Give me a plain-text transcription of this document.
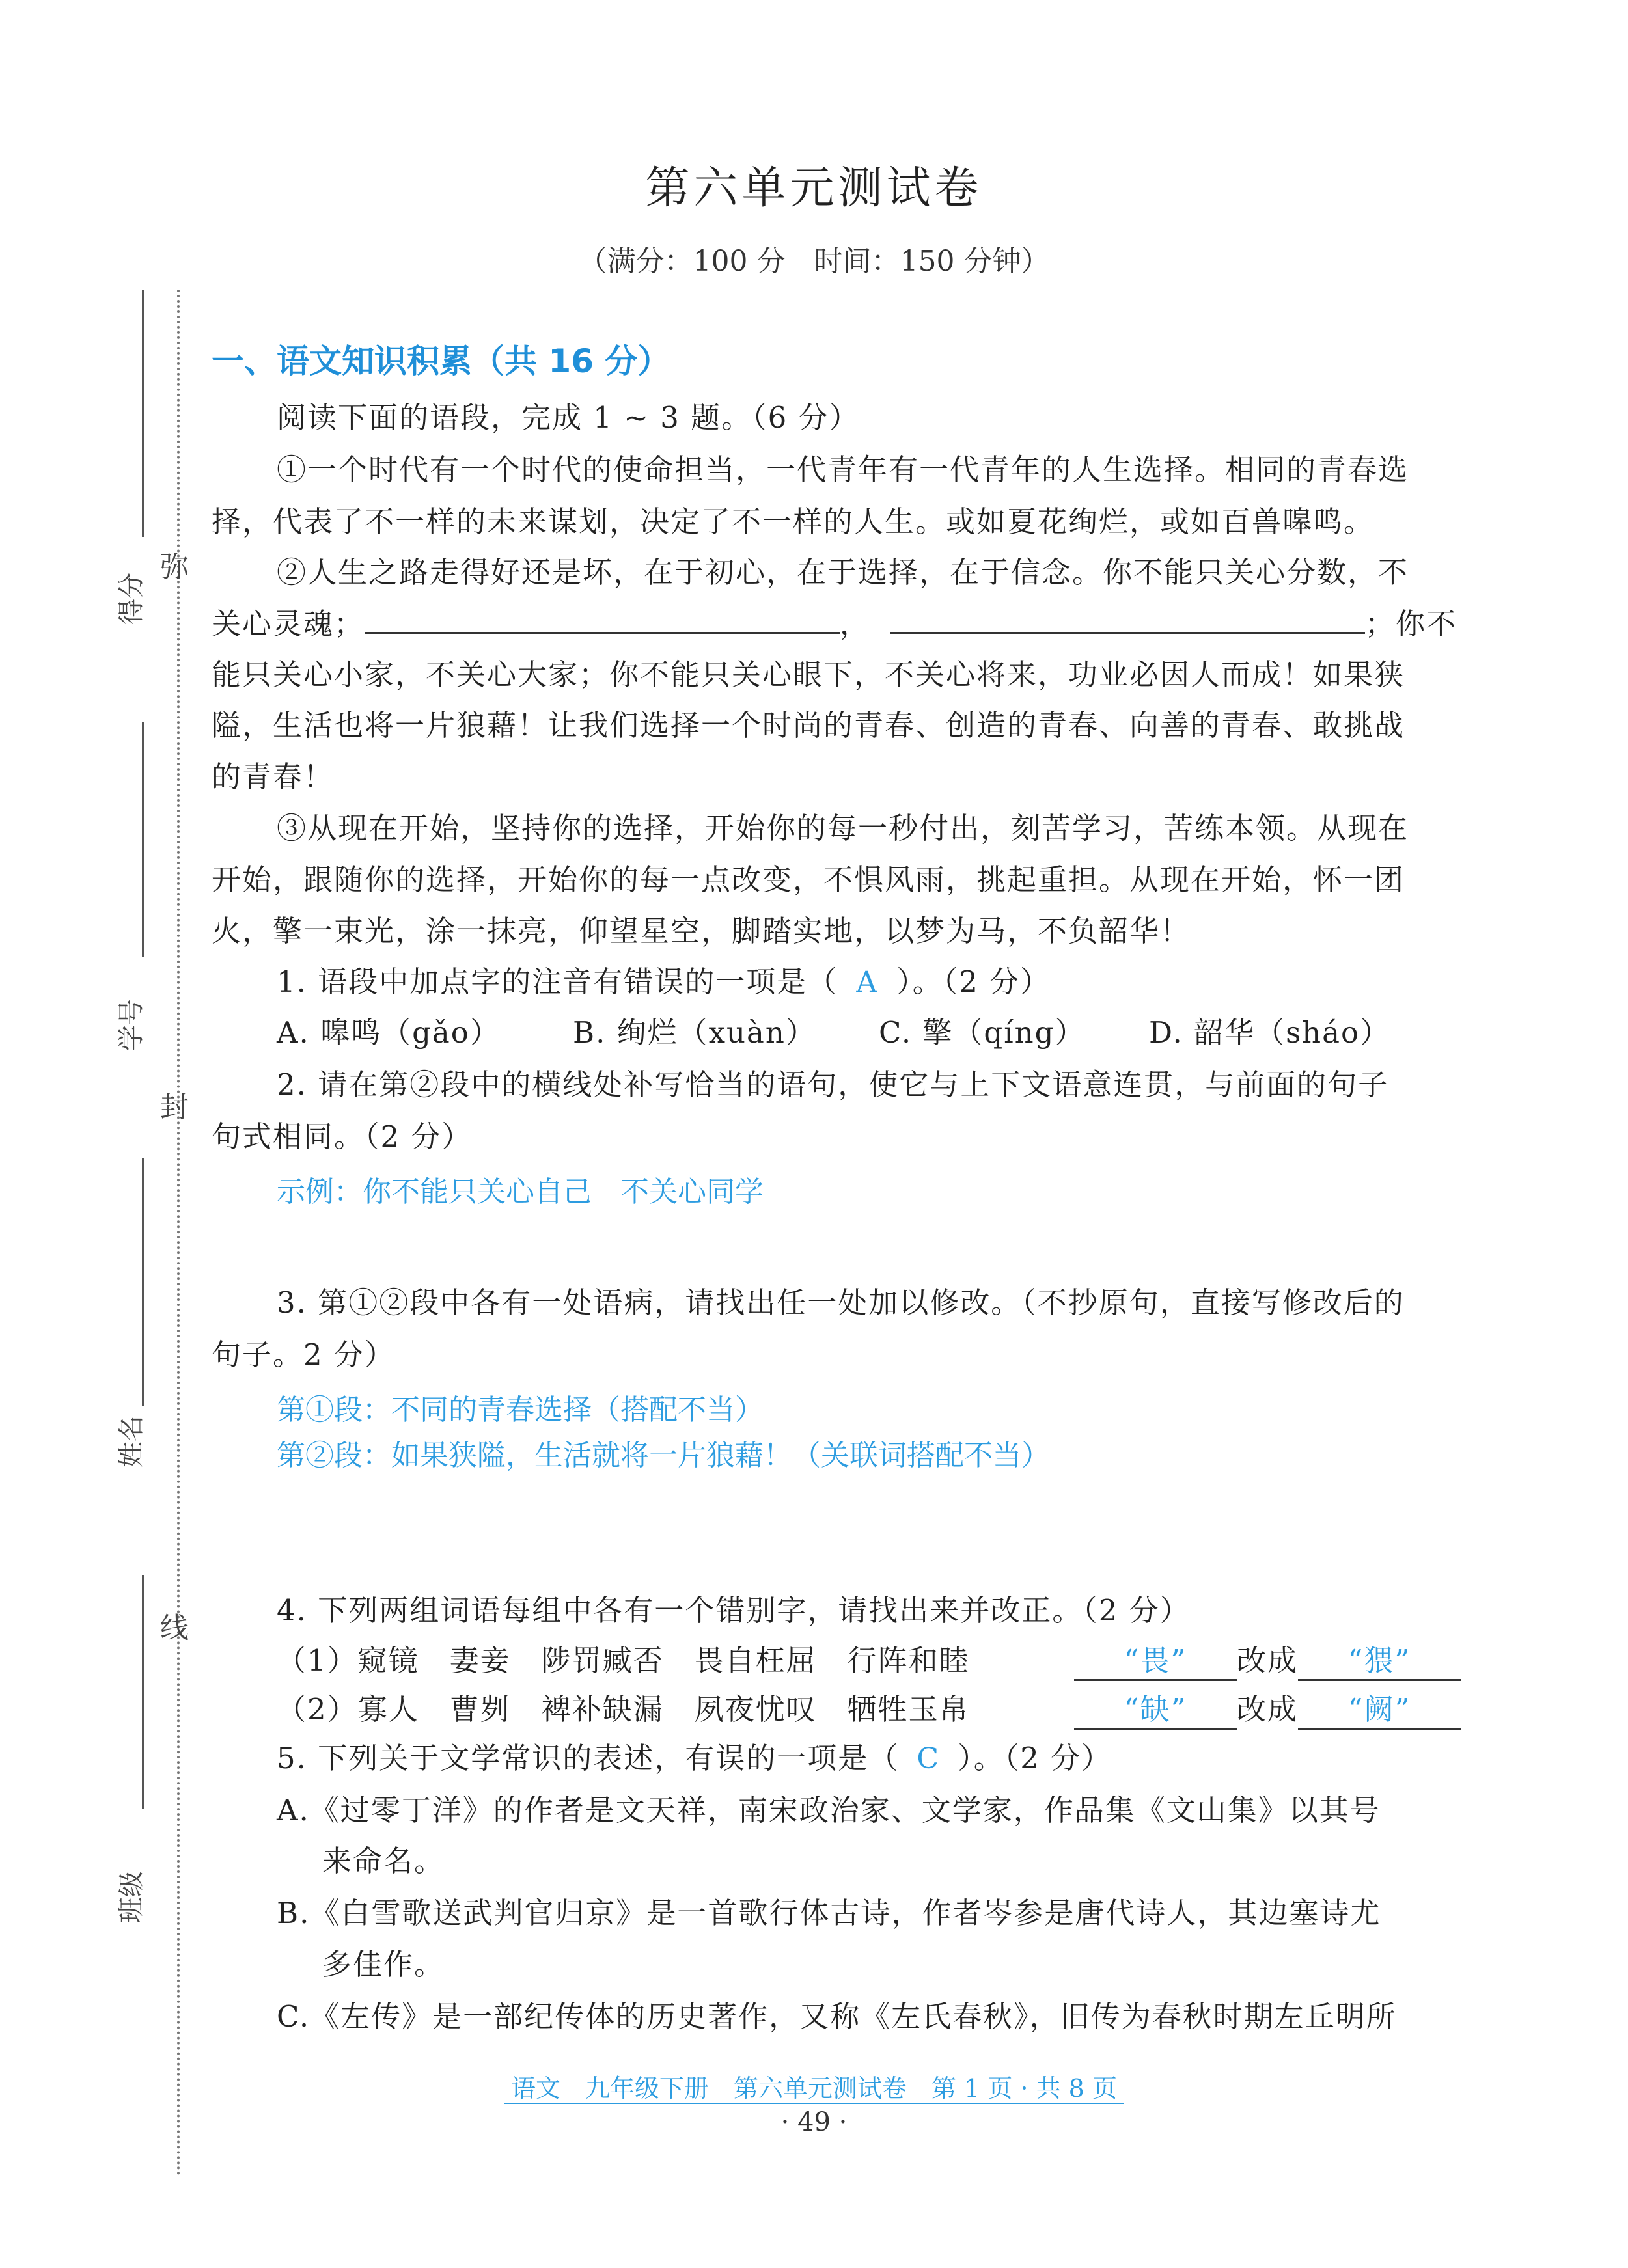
第六单元测试卷
（满分：100 分　时间：150 分钟）
弥
封
线
得分
学号
姓名
班级
一、语文知识积累（共 16 分）
阅读下面的语段，完成 1 ~ 3 题。（6 分）
①一个时代有一个时代的使命担当，一代青年有一代青年的人生选择。相同的青春选
择，代表了不一样的未来谋划，决定了不一样的人生。或如夏花绚烂，或如百兽嗥鸣。
②人生之路走得好还是坏，在于初心，在于选择，在于信念。你不能只关心分数，不
关心灵魂；	，	；你不
能只关心小家，不关心大家；你不能只关心眼下，不关心将来，功业必因人而成！如果狭
隘，生活也将一片狼藉！让我们选择一个时尚的青春、创造的青春、向善的青春、敢挑战
的青春！
③从现在开始，坚持你的选择，开始你的每一秒付出，刻苦学习，苦练本领。从现在
开始，跟随你的选择，开始你的每一点改变，不惧风雨，挑起重担。从现在开始，怀一团
火，擎一束光，涂一抹亮，仰望星空，脚踏实地，以梦为马，不负韶华！
1. 语段中加点字的注音有错误的一项是（ A ）。（2 分）
A. 嗥鸣（gǎo） B. 绚烂（xuàn） C. 擎（qíng） D. 韶华（sháo）
2. 请在第②段中的横线处补写恰当的语句，使它与上下文语意连贯，与前面的句子
句式相同。（2 分）
示例：你不能只关心自己　不关心同学
3. 第①②段中各有一处语病，请找出任一处加以修改。（不抄原句，直接写修改后的
句子。2 分）
第①段：不同的青春选择（搭配不当）
第②段：如果狭隘，生活就将一片狼藉！（关联词搭配不当）
4. 下列两组词语每组中各有一个错别字，请找出来并改正。（2 分）
（1）窥镜　妻妾　陟罚臧否　畏自枉屈　行阵和睦	“畏” 改成 “猥”
（2）寡人　曹刿　裨补缺漏　夙夜忧叹　牺牲玉帛	“缺” 改成 “阙”
5. 下列关于文学常识的表述，有误的一项是（ C ）。（2 分）
A.《过零丁洋》的作者是文天祥，南宋政治家、文学家，作品集《文山集》以其号
来命名。
B.《白雪歌送武判官归京》是一首歌行体古诗，作者岑参是唐代诗人，其边塞诗尤
多佳作。
C.《左传》是一部纪传体的历史著作，又称《左氏春秋》，旧传为春秋时期左丘明所
语文　九年级下册　第六单元测试卷　第 1 页 · 共 8 页
· 49 ·
